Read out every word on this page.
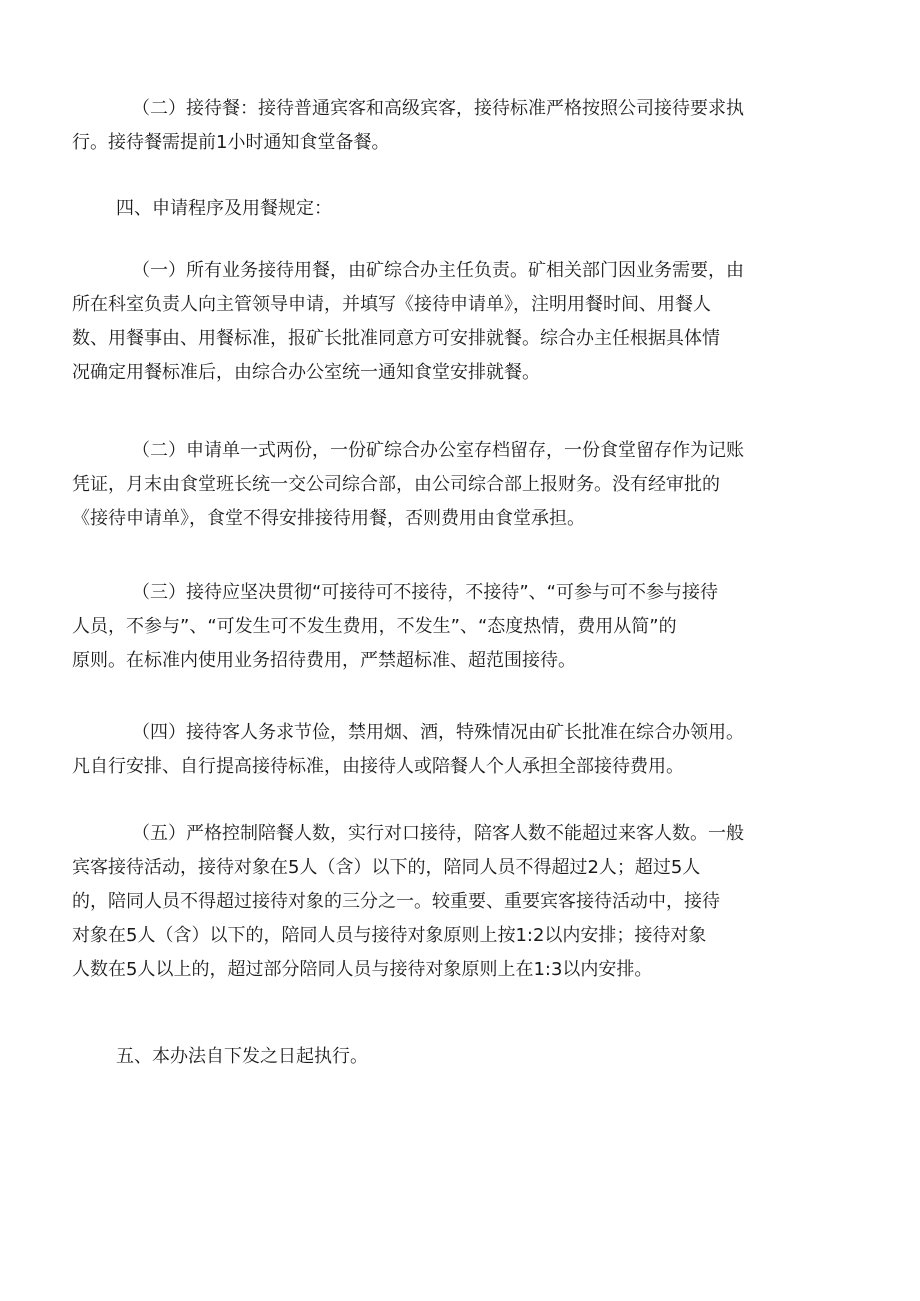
（二）接待餐：接待普通宾客和高级宾客，接待标准严格按照公司接待要求执
行。接待餐需提前1小时通知食堂备餐。

四、申请程序及用餐规定：

（一）所有业务接待用餐，由矿综合办主任负责。矿相关部门因业务需要，由
所在科室负责人向主管领导申请，并填写《接待申请单》，注明用餐时间、用餐人
数、用餐事由、用餐标准，报矿长批准同意方可安排就餐。综合办主任根据具体情
况确定用餐标准后，由综合办公室统一通知食堂安排就餐。

（二）申请单一式两份，一份矿综合办公室存档留存，一份食堂留存作为记账
凭证，月末由食堂班长统一交公司综合部，由公司综合部上报财务。没有经审批的
《接待申请单》，食堂不得安排接待用餐，否则费用由食堂承担。

（三）接待应坚决贯彻“可接待可不接待，不接待”、“可参与可不参与接待
人员，不参与”、“可发生可不发生费用，不发生”、“态度热情，费用从简”的
原则。在标准内使用业务招待费用，严禁超标准、超范围接待。

（四）接待客人务求节俭，禁用烟、酒，特殊情况由矿长批准在综合办领用。
凡自行安排、自行提高接待标准，由接待人或陪餐人个人承担全部接待费用。

（五）严格控制陪餐人数，实行对口接待，陪客人数不能超过来客人数。一般
宾客接待活动，接待对象在5人（含）以下的，陪同人员不得超过2人；超过5人
的，陪同人员不得超过接待对象的三分之一。较重要、重要宾客接待活动中，接待
对象在5人（含）以下的，陪同人员与接待对象原则上按1:2以内安排；接待对象
人数在5人以上的，超过部分陪同人员与接待对象原则上在1:3以内安排。

五、本办法自下发之日起执行。
